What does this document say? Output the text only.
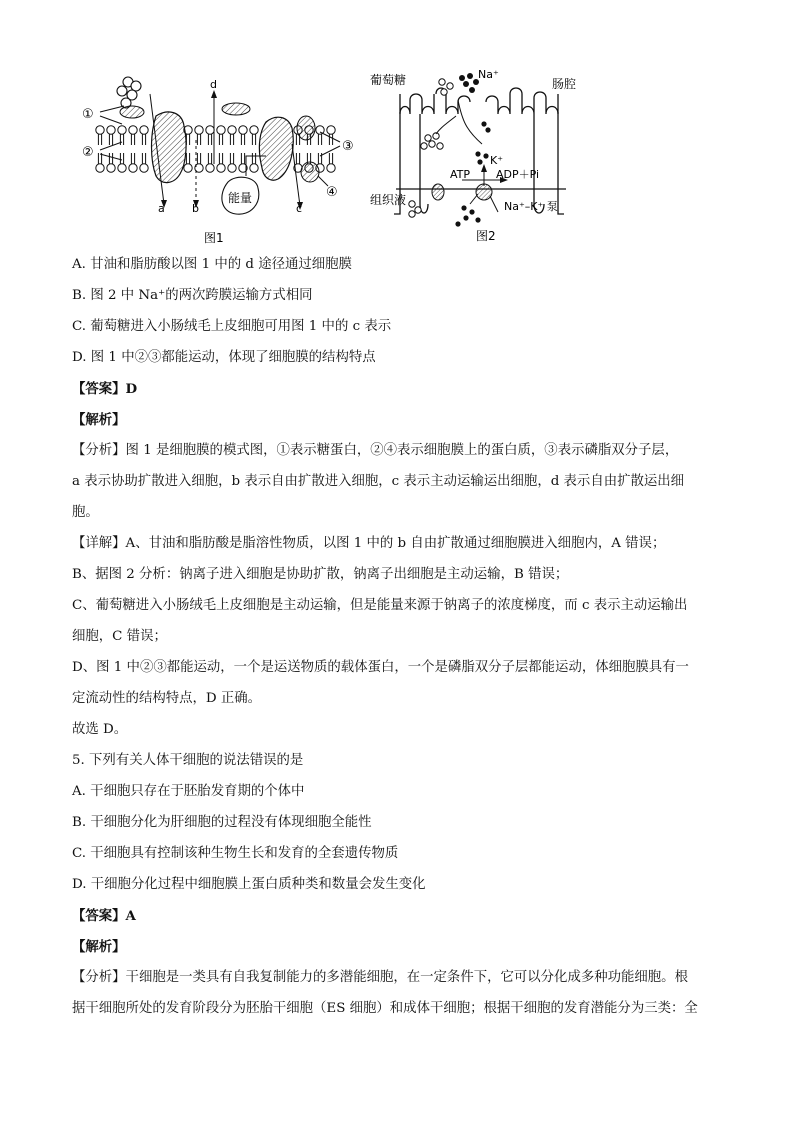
①
②	③
④
a b	c
d
能量
图1
葡萄糖	Na⁺
肠腔
K⁺
ATP ADP＋Pi
组织液	Na⁺–K⁺ 泵
图2
A. 甘油和脂肪酸以图 1 中的 d 途径通过细胞膜
B. 图 2 中 Na⁺的两次跨膜运输方式相同
C. 葡萄糖进入小肠绒毛上皮细胞可用图 1 中的 c 表示
D. 图 1 中②③都能运动，体现了细胞膜的结构特点
【答案】D
【解析】
【分析】图 1 是细胞膜的模式图，①表示糖蛋白，②④表示细胞膜上的蛋白质，③表示磷脂双分子层，
a 表示协助扩散进入细胞，b 表示自由扩散进入细胞，c 表示主动运输运出细胞，d 表示自由扩散运出细
胞。
【详解】A、甘油和脂肪酸是脂溶性物质，以图 1 中的 b 自由扩散通过细胞膜进入细胞内，A 错误；
B、据图 2 分析：钠离子进入细胞是协助扩散，钠离子出细胞是主动运输，B 错误；
C、葡萄糖进入小肠绒毛上皮细胞是主动运输，但是能量来源于钠离子的浓度梯度，而 c 表示主动运输出
细胞，C 错误；
D、图 1 中②③都能运动，一个是运送物质的载体蛋白，一个是磷脂双分子层都能运动，体细胞膜具有一
定流动性的结构特点，D 正确。
故选 D。
5. 下列有关人体干细胞的说法错误的是
A. 干细胞只存在于胚胎发育期的个体中
B. 干细胞分化为肝细胞的过程没有体现细胞全能性
C. 干细胞具有控制该种生物生长和发育的全套遗传物质
D. 干细胞分化过程中细胞膜上蛋白质种类和数量会发生变化
【答案】A
【解析】
【分析】干细胞是一类具有自我复制能力的多潜能细胞，在一定条件下，它可以分化成多种功能细胞。根
据干细胞所处的发育阶段分为胚胎干细胞（ES 细胞）和成体干细胞；根据干细胞的发育潜能分为三类：全
